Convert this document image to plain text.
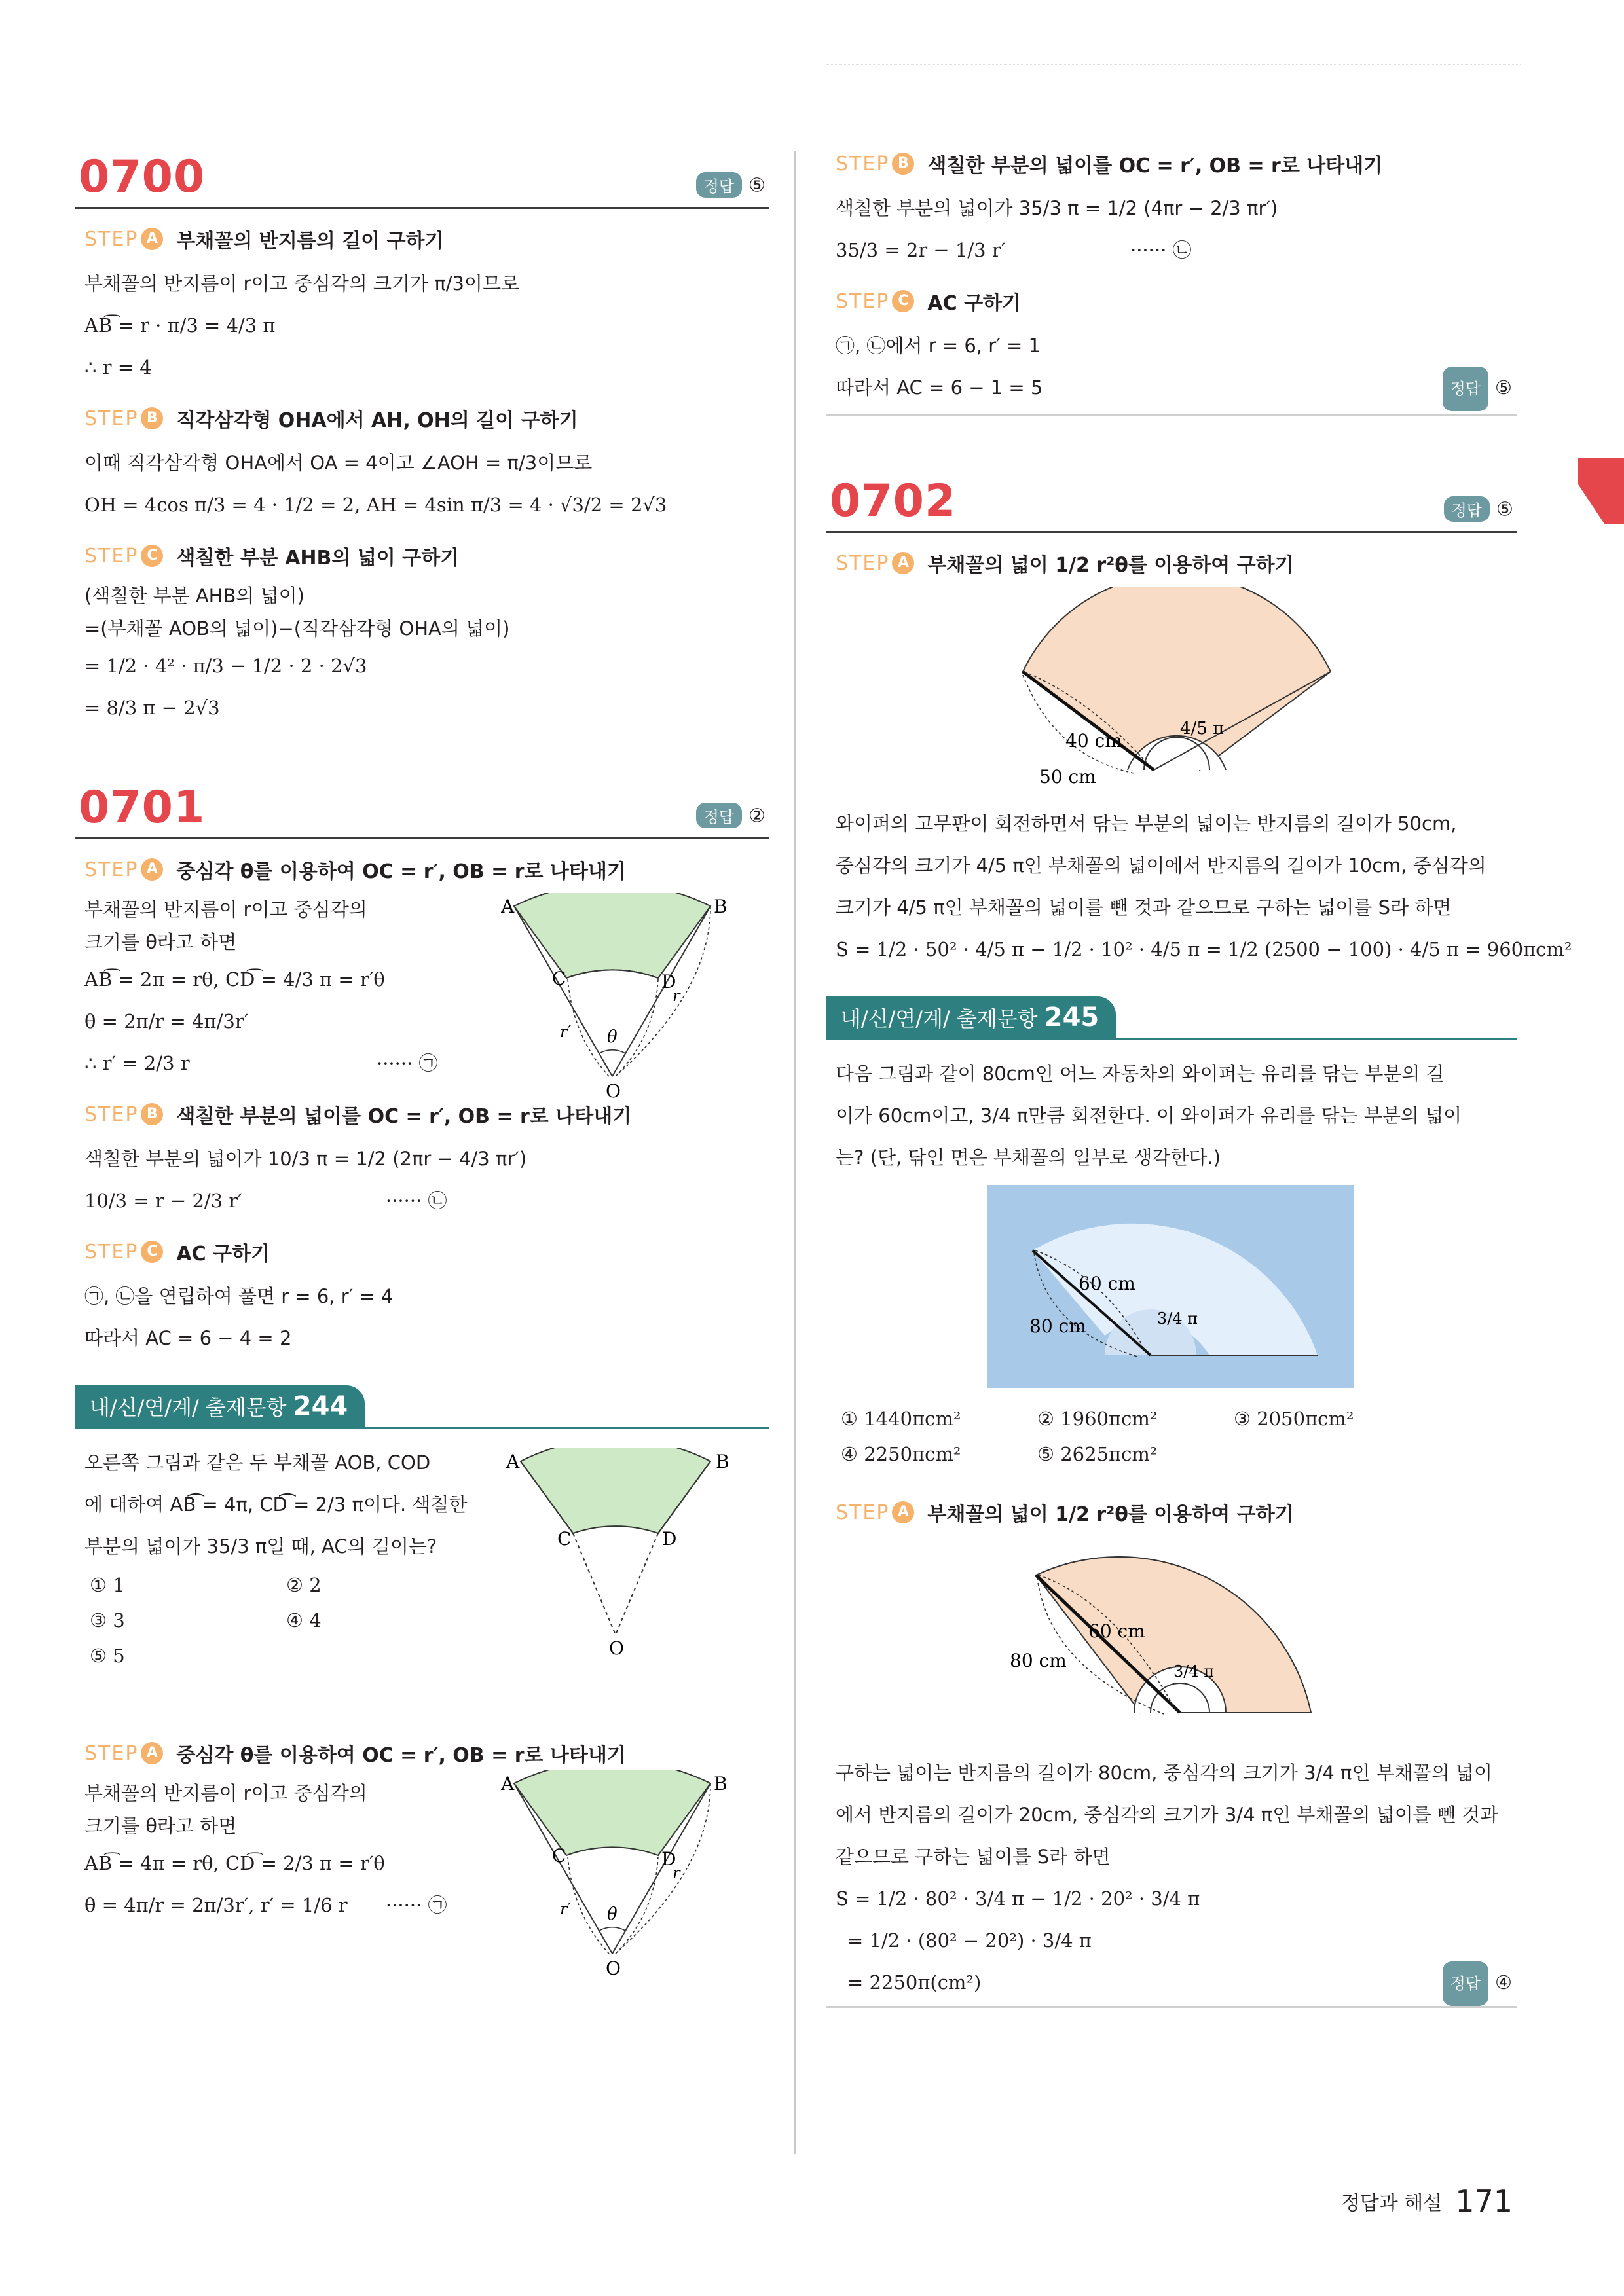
0700	정답 ⑤
STEP A 부채꼴의 반지름의 길이 구하기
부채꼴의 반지름이 r이고 중심각의 크기가 π/3이므로
AB͡ = r · π/3 = 4/3 π
∴ r = 4
STEP B 직각삼각형 OHA에서 AH, OH의 길이 구하기
이때 직각삼각형 OHA에서 OA = 4이고 ∠AOH = π/3이므로
OH = 4cos π/3 = 4 · 1/2 = 2, AH = 4sin π/3 = 4 · √3/2 = 2√3
STEP C 색칠한 부분 AHB의 넓이 구하기
(색칠한 부분 AHB의 넓이)
=(부채꼴 AOB의 넓이)−(직각삼각형 OHA의 넓이)
= 1/2 · 4² · π/3 − 1/2 · 2 · 2√3
= 8/3 π − 2√3
0701	정답 ②
STEP A 중심각 θ를 이용하여 OC = r′, OB = r로 나타내기
부채꼴의 반지름이 r이고 중심각의
크기를 θ라고 하면
AB͡ = 2π = rθ, CD͡ = 4/3 π = r′θ
θ = 2π/r = 4π/3r′
∴ r′ = 2/3 r	······ ㉠
A	B
C	D
O
θ
r
r′
STEP B 색칠한 부분의 넓이를 OC = r′, OB = r로 나타내기
색칠한 부분의 넓이가 10/3 π = 1/2 (2πr − 4/3 πr′)
10/3 = r − 2/3 r′	······ ㉡
STEP C AC 구하기
㉠, ㉡을 연립하여 풀면 r = 6, r′ = 4
따라서 AC = 6 − 4 = 2
내/신/연/계/ 출제문항 244
오른쪽 그림과 같은 두 부채꼴 AOB, COD
에 대하여 AB͡ = 4π, CD͡ = 2/3 π이다. 색칠한
부분의 넓이가 35/3 π일 때, AC의 길이는?
① 1	② 2
③ 3	④ 4
⑤ 5
A	B
C	D
O
STEP A 중심각 θ를 이용하여 OC = r′, OB = r로 나타내기
부채꼴의 반지름이 r이고 중심각의
크기를 θ라고 하면
AB͡ = 4π = rθ, CD͡ = 2/3 π = r′θ
θ = 4π/r = 2π/3r′, r′ = 1/6 r ······ ㉠
A	B
C	D
O
θ
r
r′
STEP B 색칠한 부분의 넓이를 OC = r′, OB = r로 나타내기
색칠한 부분의 넓이가 35/3 π = 1/2 (4πr − 2/3 πr′)
35/3 = 2r − 1/3 r′	······ ㉡
STEP C AC 구하기
㉠, ㉡에서 r = 6, r′ = 1
따라서 AC = 6 − 1 = 5	정답 ⑤
0702	정답 ⑤
STEP A 부채꼴의 넓이 1/2 r²θ를 이용하여 구하기
40 cm
50 cm
4/5 π
와이퍼의 고무판이 회전하면서 닦는 부분의 넓이는 반지름의 길이가 50cm,
중심각의 크기가 4/5 π인 부채꼴의 넓이에서 반지름의 길이가 10cm, 중심각의
크기가 4/5 π인 부채꼴의 넓이를 뺀 것과 같으므로 구하는 넓이를 S라 하면
S = 1/2 · 50² · 4/5 π − 1/2 · 10² · 4/5 π = 1/2 (2500 − 100) · 4/5 π = 960πcm²
내/신/연/계/ 출제문항 245
다음 그림과 같이 80cm인 어느 자동차의 와이퍼는 유리를 닦는 부분의 길
이가 60cm이고, 3/4 π만큼 회전한다. 이 와이퍼가 유리를 닦는 부분의 넓이
는? (단, 닦인 면은 부채꼴의 일부로 생각한다.)
60 cm
80 cm	3/4 π
① 1440πcm²	② 1960πcm²	③ 2050πcm²
④ 2250πcm²	⑤ 2625πcm²
STEP A 부채꼴의 넓이 1/2 r²θ를 이용하여 구하기
60 cm
80 cm	3/4 π
구하는 넓이는 반지름의 길이가 80cm, 중심각의 크기가 3/4 π인 부채꼴의 넓이
에서 반지름의 길이가 20cm, 중심각의 크기가 3/4 π인 부채꼴의 넓이를 뺀 것과
같으므로 구하는 넓이를 S라 하면
S = 1/2 · 80² · 3/4 π − 1/2 · 20² · 3/4 π
= 1/2 · (80² − 20²) · 3/4 π
= 2250π(cm²)	정답 ④
정답과 해설 171
